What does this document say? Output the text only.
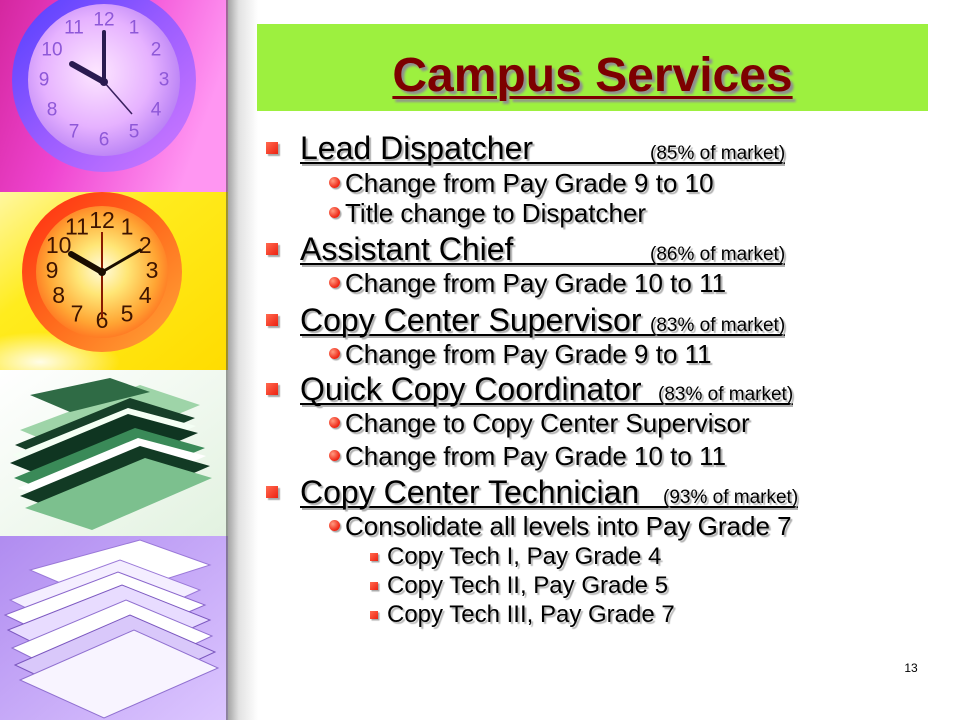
12 1
2
3
4
5
6
7
8
9
10
11
12 1
2
3
4
5
6
7
8
9
10
11
Campus Services
Lead Dispatcher	(85% of market)
Change from Pay Grade 9 to 10
Title change to Dispatcher
Assistant Chief	(86% of market)
Change from Pay Grade 10 to 11
Copy Center Supervisor (83% of market)
Change from Pay Grade 9 to 11
Quick Copy Coordinator (83% of market)
Change to Copy Center Supervisor
Change from Pay Grade 10 to 11
Copy Center Technician (93% of market)
Consolidate all levels into Pay Grade 7
Copy Tech I, Pay Grade 4
Copy Tech II, Pay Grade 5
Copy Tech III, Pay Grade 7
13
